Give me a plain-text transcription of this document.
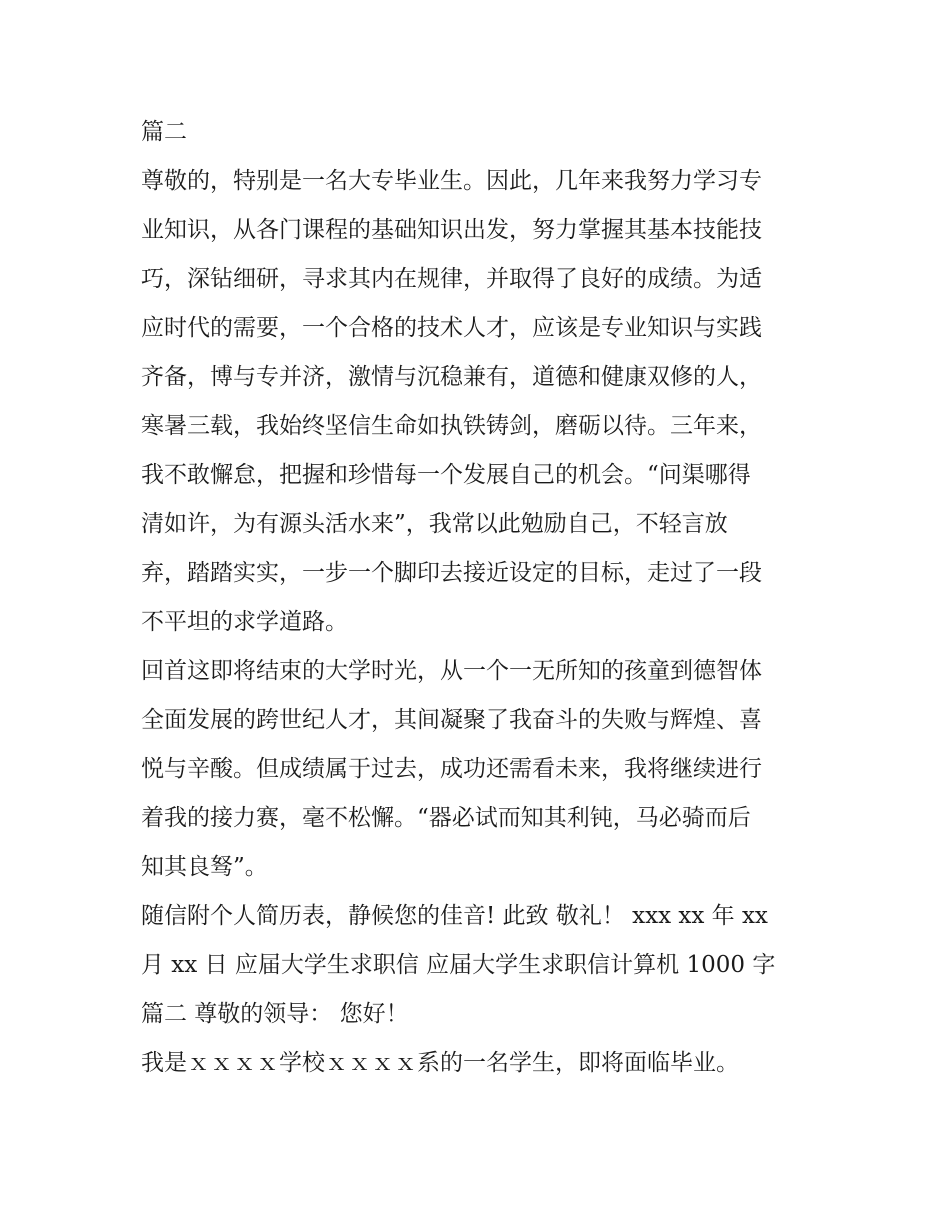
篇二
尊敬的，特别是一名大专毕业生。因此，几年来我努力学习专
业知识，从各门课程的基础知识出发，努力掌握其基本技能技
巧，深钻细研，寻求其内在规律，并取得了良好的成绩。为适
应时代的需要，一个合格的技术人才，应该是专业知识与实践
齐备，博与专并济，激情与沉稳兼有，道德和健康双修的人，
寒暑三载，我始终坚信生命如执铁铸剑，磨砺以待。三年来，
我不敢懈怠，把握和珍惜每一个发展自己的机会。“问渠哪得
清如许，为有源头活水来”，我常以此勉励自己，不轻言放
弃，踏踏实实，一步一个脚印去接近设定的目标，走过了一段
不平坦的求学道路。
回首这即将结束的大学时光，从一个一无所知的孩童到德智体
全面发展的跨世纪人才，其间凝聚了我奋斗的失败与辉煌、喜
悦与辛酸。但成绩属于过去，成功还需看未来，我将继续进行
着我的接力赛，毫不松懈。“器必试而知其利钝，马必骑而后
知其良驽”。
随信附个人简历表，静候您的佳音! 此致 敬礼！ xxx xx 年 xx
月 xx 日 应届大学生求职信 应届大学生求职信计算机 1000 字
篇二 尊敬的领导： 您好！
我是ｘｘｘｘ学校ｘｘｘｘ系的一名学生，即将面临毕业。
